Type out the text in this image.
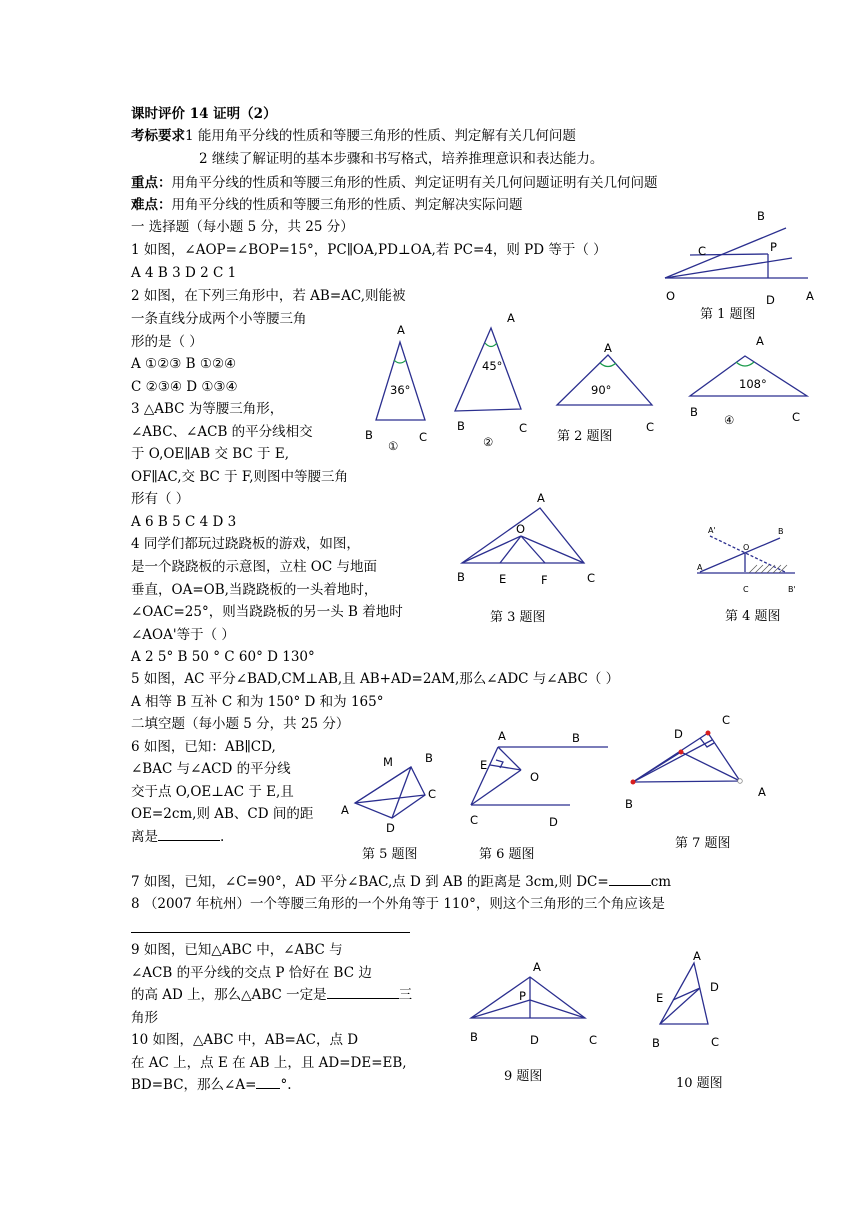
课时评价 14 证明（2）
考标要求1 能用角平分线的性质和等腰三角形的性质、判定解有关几何问题
2 继续了解证明的基本步骤和书写格式，培养推理意识和表达能力。
重点：用角平分线的性质和等腰三角形的性质、判定证明有关几何问题证明有关几何问题
难点：用角平分线的性质和等腰三角形的性质、判定解决实际问题
一 选择题（每小题 5 分，共 25 分）
1 如图，∠AOP=∠BOP=15°，PC∥OA,PD⊥OA,若 PC=4，则 PD 等于（ ）
A 4 B 3 D 2 C 1
2 如图，在下列三角形中，若 AB=AC,则能被
一条直线分成两个小等腰三角
形的是（ ）
A ①②③ B ①②④
C ②③④ D ①③④
3 △ABC 为等腰三角形，
∠ABC、∠ACB 的平分线相交
于 O,OE∥AB 交 BC 于 E,
OF∥AC,交 BC 于 F,则图中等腰三角
形有（ ）
A 6 B 5 C 4 D 3
4 同学们都玩过跷跷板的游戏，如图，
是一个跷跷板的示意图，立柱 OC 与地面
垂直，OA=OB,当跷跷板的一头着地时，
∠OAC=25°，则当跷跷板的另一头 B 着地时
∠AOA'等于（ ）
A 2 5° B 50 ° C 60° D 130°
5 如图，AC 平分∠BAD,CM⊥AB,且 AB+AD=2AM,那么∠ADC 与∠ABC（ ）
A 相等 B 互补 C 和为 150° D 和为 165°
二填空题（每小题 5 分，共 25 分）
6 如图，已知：AB∥CD,
∠BAC 与∠ACD 的平分线
交于点 O,OE⊥AC 于 E,且
OE=2cm,则 AB、CD 间的距
离是	.
7 如图，已知，∠C=90°，AD 平分∠BAC,点 D 到 AB 的距离是 3cm,则 DC=	cm
8 （2007 年杭州）一个等腰三角形的一个外角等于 110°，则这个三角形的三个角应该是
9 如图，已知△ABC 中，∠ABC 与
∠ACB 的平分线的交点 P 恰好在 BC 边
的高 AD 上，那么△ABC 一定是	三
角形
10 如图，△ABC 中，AB=AC，点 D
在 AC 上，点 E 在 AB 上，且 AD=DE=EB,
BD=BC，那么∠A= °.
B
C	P
O	D	A
第 1 题图
A
36°
B	C
①
A
45°
B	C
②
A
90°
C
第 2 题图
A
108°
B	C
④
A
O
B	E	F	C
第 3 题图
A'	B
O
A
C	B'
第 4 题图
M	B
A
C
D
第 5 题图
A	B
E
O
C	D
第 6 题图
C
D
B
A
第 7 题图
A
P
B	D	C
9 题图
A
D
E
B	C
10 题图
